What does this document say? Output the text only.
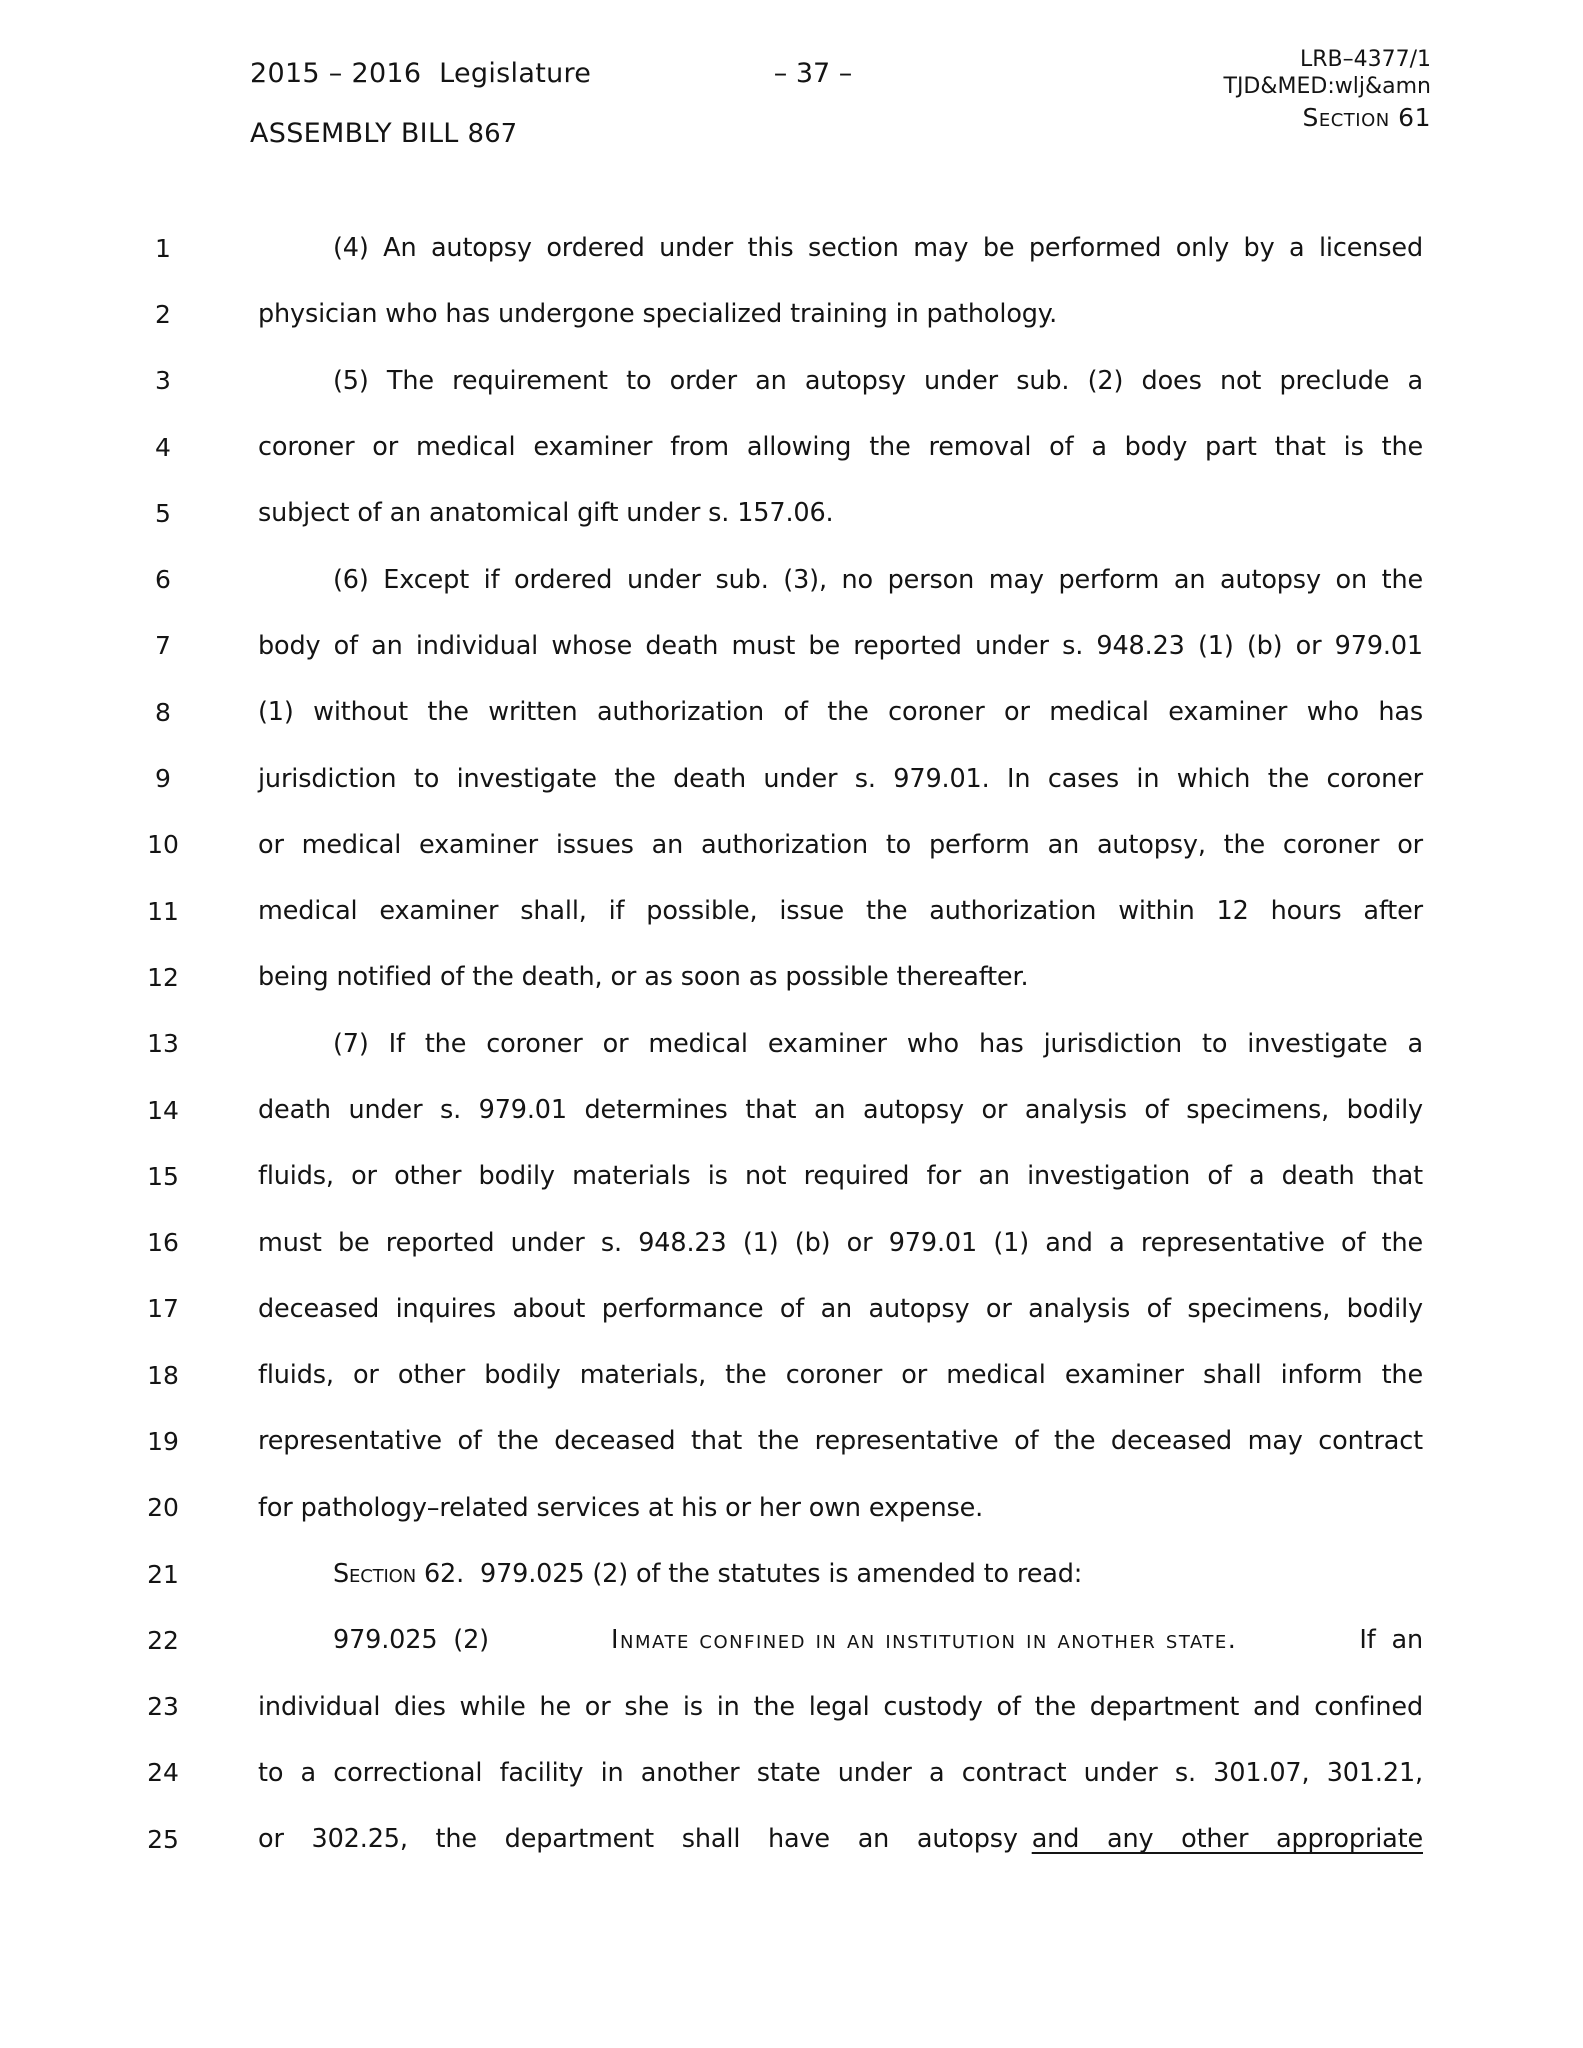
2015 – 2016  Legislature
ASSEMBLY BILL 867
– 37 –	LRB–4377/1
TJD&MED:wlj&amn
Section 61
1	(4) An autopsy ordered under this section may be performed only by a licensed
2	physician who has undergone specialized training in pathology.
3	(5) The requirement to order an autopsy under sub. (2) does not preclude a
4	coroner or medical examiner from allowing the removal of a body part that is the
5	subject of an anatomical gift under s. 157.06.
6	(6) Except if ordered under sub. (3), no person may perform an autopsy on the
7	body of an individual whose death must be reported under s. 948.23 (1) (b) or 979.01
8	(1) without the written authorization of the coroner or medical examiner who has
9	jurisdiction to investigate the death under s. 979.01. In cases in which the coroner
10	or medical examiner issues an authorization to perform an autopsy, the coroner or
11	medical examiner shall, if possible, issue the authorization within 12 hours after
12	being notified of the death, or as soon as possible thereafter.
13	(7) If the coroner or medical examiner who has jurisdiction to investigate a
14	death under s. 979.01 determines that an autopsy or analysis of specimens, bodily
15	fluids, or other bodily materials is not required for an investigation of a death that
16	must be reported under s. 948.23 (1) (b) or 979.01 (1) and a representative of the
17	deceased inquires about performance of an autopsy or analysis of specimens, bodily
18	fluids, or other bodily materials, the coroner or medical examiner shall inform the
19	representative of the deceased that the representative of the deceased may contract
20	for pathology–related services at his or her own expense.
21	Section 62.  979.025 (2) of the statutes is amended to read:
22	979.025  (2)	Inmate confined in an institution in another state.	If  an
23	individual dies while he or she is in the legal custody of the department and confined
24	to a correctional facility in another state under a contract under s. 301.07, 301.21,
25	or  302.25,  the  department  shall  have  an  autopsy and  any  other  appropriate
